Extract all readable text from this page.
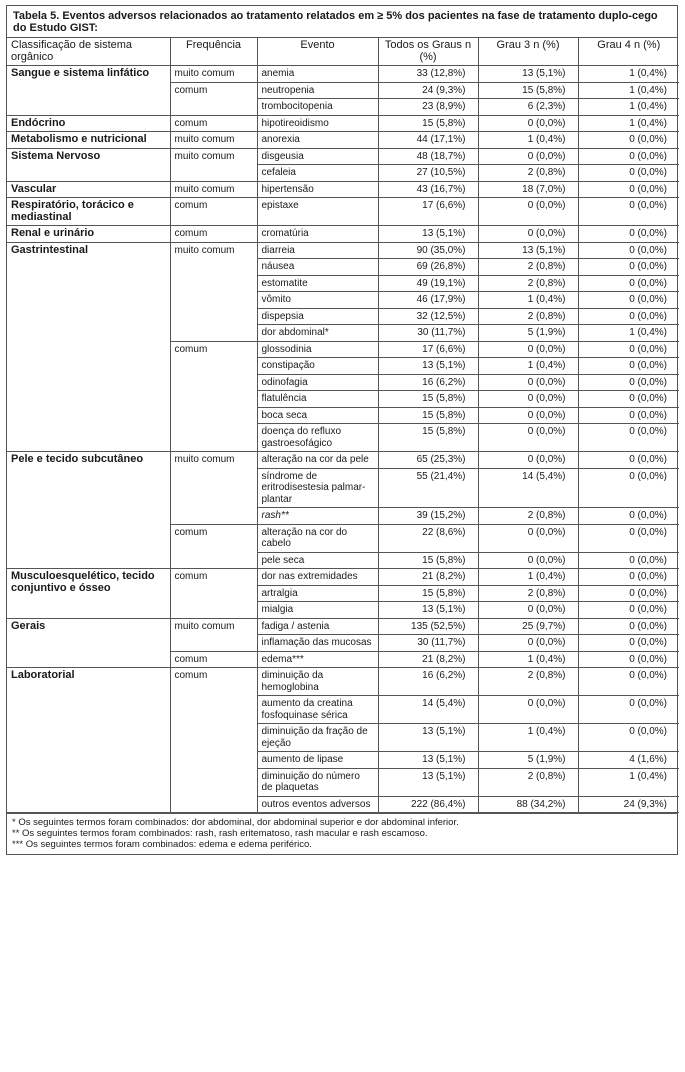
Tabela 5. Eventos adversos relacionados ao tratamento relatados em ≥ 5% dos pacientes na fase de tratamento duplo-cego do Estudo GIST:
Classificação de sistema orgânico	Frequência	Evento	Todos os Graus n (%)	Grau 3 n (%)	Grau 4 n (%)
Sangue e sistema linfático	muito comum	anemia	33 (12,8%)	13 (5,1%)	1 (0,4%)
	comum	neutropenia	24 (9,3%)	15 (5,8%)	1 (0,4%)
		trombocitopenia	23 (8,9%)	6 (2,3%)	1 (0,4%)
Endócrino	comum	hipotireoidismo	15 (5,8%)	0 (0,0%)	1 (0,4%)
Metabolismo e nutricional	muito comum	anorexia	44 (17,1%)	1 (0,4%)	0 (0,0%)
Sistema Nervoso	muito comum	disgeusia	48 (18,7%)	0 (0,0%)	0 (0,0%)
		cefaleia	27 (10,5%)	2 (0,8%)	0 (0,0%)
Vascular	muito comum	hipertensão	43 (16,7%)	18 (7,0%)	0 (0,0%)
Respiratório, torácico e mediastinal	comum	epistaxe	17 (6,6%)	0 (0,0%)	0 (0,0%)
Renal e urinário	comum	cromatúria	13 (5,1%)	0 (0,0%)	0 (0,0%)
Gastrintestinal	muito comum	diarreia	90 (35,0%)	13 (5,1%)	0 (0,0%)
		náusea	69 (26,8%)	2 (0,8%)	0 (0,0%)
		estomatite	49 (19,1%)	2 (0,8%)	0 (0,0%)
		vômito	46 (17,9%)	1 (0,4%)	0 (0,0%)
		dispepsia	32 (12,5%)	2 (0,8%)	0 (0,0%)
		dor abdominal*	30 (11,7%)	5 (1,9%)	1 (0,4%)
	comum	glossodinia	17 (6,6%)	0 (0,0%)	0 (0,0%)
		constipação	13 (5,1%)	1 (0,4%)	0 (0,0%)
		odinofagia	16 (6,2%)	0 (0,0%)	0 (0,0%)
		flatulência	15 (5,8%)	0 (0,0%)	0 (0,0%)
		boca seca	15 (5,8%)	0 (0,0%)	0 (0,0%)
		doença do refluxo gastroesofágico	15 (5,8%)	0 (0,0%)	0 (0,0%)
Pele e tecido subcutâneo	muito comum	alteração na cor da pele	65 (25,3%)	0 (0,0%)	0 (0,0%)
		síndrome de eritrodisestesia palmar-plantar	55 (21,4%)	14 (5,4%)	0 (0,0%)
		rash**	39 (15,2%)	2 (0,8%)	0 (0,0%)
	comum	alteração na cor do cabelo	22 (8,6%)	0 (0,0%)	0 (0,0%)
		pele seca	15 (5,8%)	0 (0,0%)	0 (0,0%)
Musculoesquelético, tecido conjuntivo e ósseo	comum	dor nas extremidades	21 (8,2%)	1 (0,4%)	0 (0,0%)
		artralgia	15 (5,8%)	2 (0,8%)	0 (0,0%)
		mialgia	13 (5,1%)	0 (0,0%)	0 (0,0%)
Gerais	muito comum	fadiga / astenia	135 (52,5%)	25 (9,7%)	0 (0,0%)
		inflamação das mucosas	30 (11,7%)	0 (0,0%)	0 (0,0%)
	comum	edema***	21 (8,2%)	1 (0,4%)	0 (0,0%)
Laboratorial	comum	diminuição da hemoglobina	16 (6,2%)	2 (0,8%)	0 (0,0%)
		aumento da creatina fosfoquinase sérica	14 (5,4%)	0 (0,0%)	0 (0,0%)
		diminuição da fração de ejeção	13 (5,1%)	1 (0,4%)	0 (0,0%)
		aumento de lipase	13 (5,1%)	5 (1,9%)	4 (1,6%)
		diminuição do número de plaquetas	13 (5,1%)	2 (0,8%)	1 (0,4%)
		outros eventos adversos	222 (86,4%)	88 (34,2%)	24 (9,3%)
* Os seguintes termos foram combinados: dor abdominal, dor abdominal superior e dor abdominal inferior.
** Os seguintes termos foram combinados: rash, rash eritematoso, rash macular e rash escamoso.
*** Os seguintes termos foram combinados: edema e edema periférico.
